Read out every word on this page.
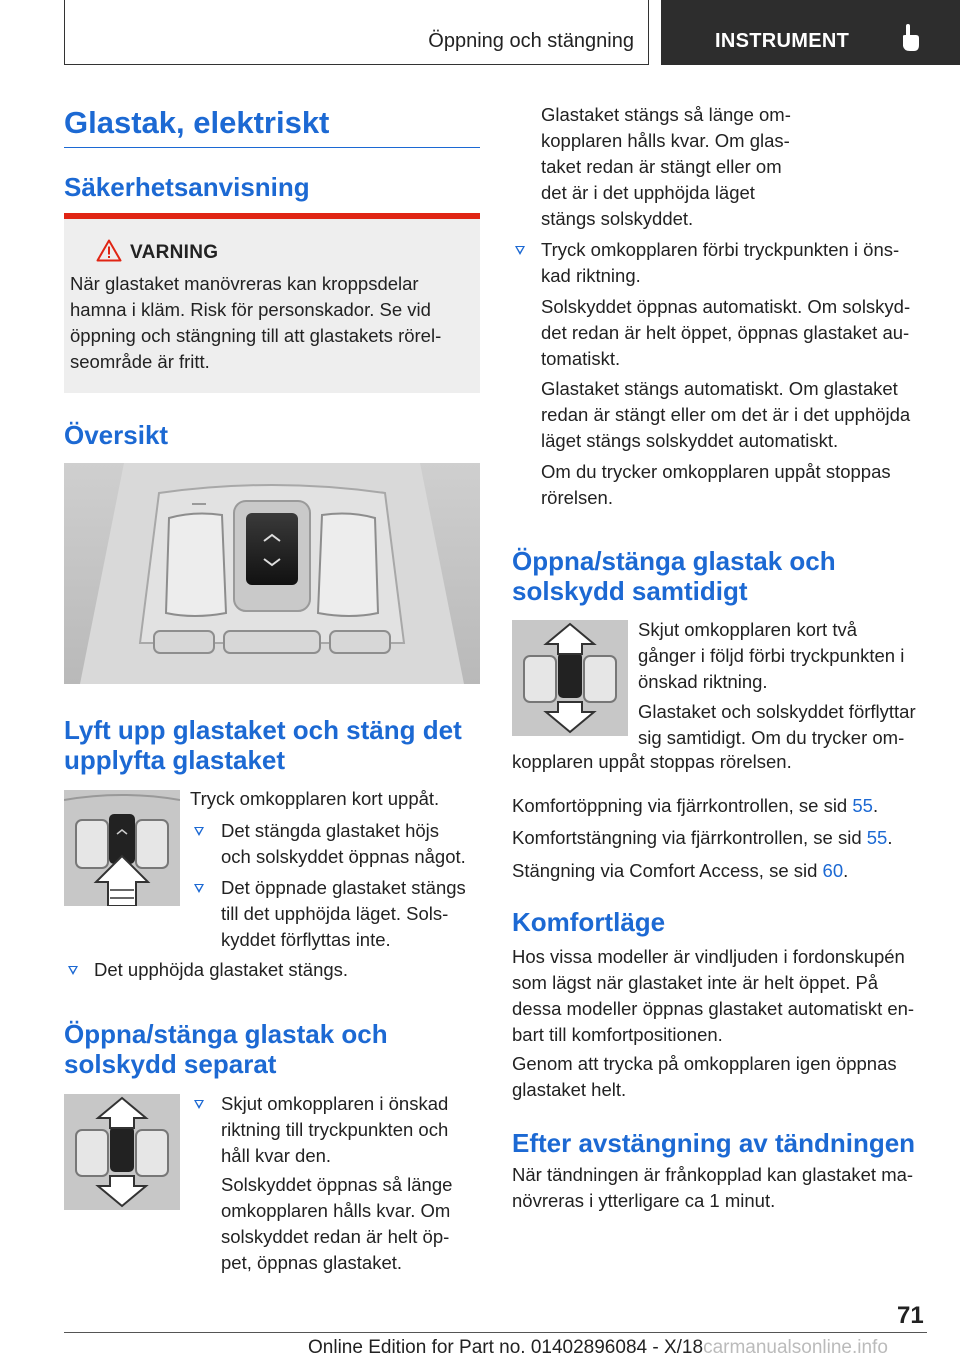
Öppning och stängning	INSTRUMENT
Glastak, elektriskt
Säkerhetsanvisning
VARNING
När glastaket manövreras kan kroppsdelar
hamna i kläm. Risk för personskador. Se vid
öppning och stängning till att glastakets rörel-
seområde är fritt.
Översikt
Lyft upp glastaket och stäng det
upplyfta glastaket
Tryck omkopplaren kort uppåt.
Det stängda glastaket höjs
och solskyddet öppnas något.
Det öppnade glastaket stängs
till det upphöjda läget. Sols-
kyddet förflyttas inte.
Det upphöjda glastaket stängs.
Öppna/stänga glastak och
solskydd separat
Skjut omkopplaren i önskad
riktning till tryckpunkten och
håll kvar den.
Solskyddet öppnas så länge
omkopplaren hålls kvar. Om
solskyddet redan är helt öp-
pet, öppnas glastaket.
Glastaket stängs så länge om-
kopplaren hålls kvar. Om glas-
taket redan är stängt eller om
det är i det upphöjda läget
stängs solskyddet.
Tryck omkopplaren förbi tryckpunkten i öns-
kad riktning.
Solskyddet öppnas automatiskt. Om solskyd-
det redan är helt öppet, öppnas glastaket au-
tomatiskt.
Glastaket stängs automatiskt. Om glastaket
redan är stängt eller om det är i det upphöjda
läget stängs solskyddet automatiskt.
Om du trycker omkopplaren uppåt stoppas
rörelsen.
Öppna/stänga glastak och
solskydd samtidigt
Skjut omkopplaren kort två
gånger i följd förbi tryckpunkten i
önskad riktning.
Glastaket och solskyddet förflyttar
sig samtidigt. Om du trycker om-
kopplaren uppåt stoppas rörelsen.
Komfortöppning via fjärrkontrollen, se sid 55.
Komfortstängning via fjärrkontrollen, se sid 55.
Stängning via Comfort Access, se sid 60.
Komfortläge
Hos vissa modeller är vindljuden i fordonskupén
som lägst när glastaket inte är helt öppet. På
dessa modeller öppnas glastaket automatiskt en-
bart till komfortpositionen.
Genom att trycka på omkopplaren igen öppnas
glastaket helt.
Efter avstängning av tändningen
När tändningen är frånkopplad kan glastaket ma-
növreras i ytterligare ca 1 minut.
71
Online Edition for Part no. 01402896084 - X/18carmanualsonline.info
